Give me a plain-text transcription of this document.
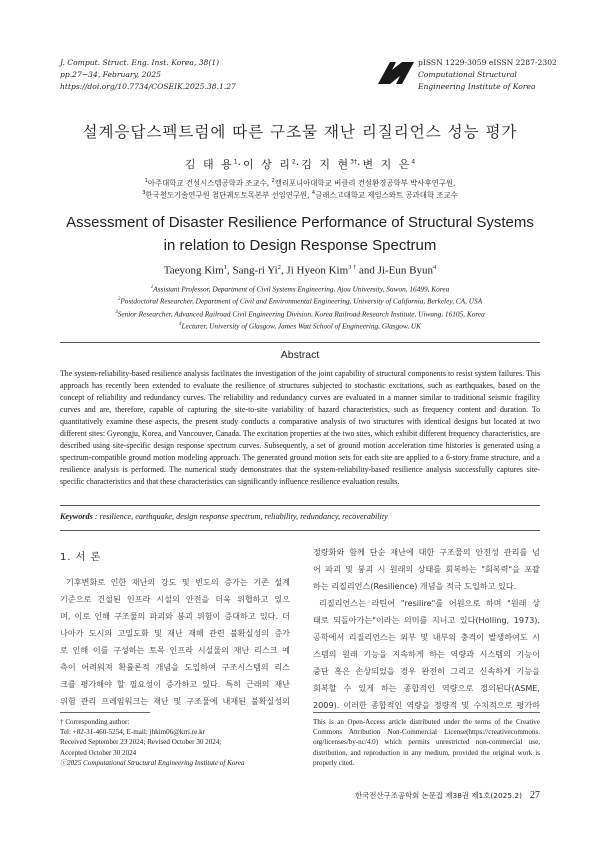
J. Comput. Struct. Eng. Inst. Korea, 38(1)
pp.27~34, February, 2025
https://doi.org/10.7734/COSEIK.2025.38.1.27
pISSN 1229-3059 eISSN 2287-2302
Computational Structural
Engineering Institute of Korea
설계응답스펙트럼에 따른 구조물 재난 리질리언스 성능 평가
김 태 용$^1$·이 상 리$^2$·김 지 현$^{3\dagger}$·변 지 은$^4$
$^1$아주대학교 건설시스템공학과 조교수, $^2$캘리포니아대학교 버클리 건설환경공학부 박사후연구원,
$^3$한국철도기술연구원 첨단궤도토목본부 선임연구원, $^4$글래스고대학교 제임스와트 공과대학 조교수
Assessment of Disaster Resilience Performance of Structural Systems
in relation to Design Response Spectrum
Taeyong Kim$^1$, Sang-ri Yi$^2$, Ji Hyeon Kim$^{3 \dagger}$ and Ji-Eun Byun$^4$
$^1$Assistant Professor, Department of Civil Systems Engineering, Ajou University, Suwon, 16499, Korea
$^2$Postdoctoral Researcher, Department of Civil and Environmental Engineering, University of California, Berkeley, CA, USA
$^3$Senior Researcher, Advanced Railroad Civil Engineering Division, Korea Railroad Research Institute, Uiwang, 16105, Korea
$^4$Lecturer, University of Glasgow, James Watt School of Engineering, Glasgow, UK
Abstract
The system-reliability-based resilience analysis facilitates the investigation of the joint capability of structural components to resist system failures. This approach has recently been extended to evaluate the resilience of structures subjected to stochastic excitations, such as earthquakes, based on the concept of reliability and redundancy curves. The reliability and redundancy curves are evaluated in a manner similar to traditional seismic fragility curves and are, therefore, capable of capturing the site-to-site variability of hazard characteristics, such as frequency content and duration. To quantitatively examine these aspects, the present study conducts a comparative analysis of two structures with identical designs but located at two different sites: Gyeongju, Korea, and Vancouver, Canada. The excitation properties at the two sites, which exhibit different frequency characteristics, are described using site-specific design response spectrum curves. Subsequently, a set of ground motion acceleration time histories is generated using a spectrum-compatible ground motion modeling approach. The generated ground motion sets for each site are applied to a 6-story frame structure, and a resilience analysis is performed. The numerical study demonstrates that the system-reliability-based resilience analysis successfully captures site-specific characteristics and that these characteristics can significantly influence resilience evaluation results.
Keywords : resilience, earthquake, design response spectrum, reliability, redundancy, recoverability
1. 서 론

기후변화로 인한 재난의 강도 및 빈도의 증가는 기존 설계

기준으로 건설된 인프라 시설의 안전을 더욱 위협하고 있으

며, 이로 인해 구조물의 파괴와 붕괴 위험이 증대하고 있다. 더

나아가 도시의 고밀도화 및 재난 재해 관련 불확실성의 증가

로 인해 이를 구성하는 토목 인프라 시설물의 재난 리스크 예

측이 어려워져 확률론적 개념을 도입하여 구조시스템의 리스

크를 평가해야 할 필요성이 증가하고 있다. 특히 근래의 재난

위험 관리 프레임워크는 재난 및 구조물에 내재된 불확실성의

정량화와 함께 단순 재난에 대한 구조물의 안전성 관리를 넘

어 파괴 및 붕괴 시 원래의 상태를 회복하는 "회복력"을 포괄

하는 리질리언스(Resilience) 개념을 적극 도입하고 있다.

리질리언스는 라틴어 "resilire"를 어원으로 하며 "원래 상

태로 되돌아가는"이라는 의미를 지니고 있다(Holling, 1973).

공학에서 리질리언스는 외부 및 내부의 충격이 발생하여도 시

스템의 원래 기능을 지속하게 하는 역량과 시스템의 기능이

중단 혹은 손상되었을 경우 완전히 그리고 신속하게 기능을

회복할 수 있게 하는 종합적인 역량으로 정의된다(ASME,

2009). 이러한 종합적인 역량을 정량적 및 수치적으로 평가하

† Corresponding author:
Tel: +82-31-460-5254; E-mail: jhkim06@krri.re.kr
Received September 23 2024; Revised October 30 2024;
Accepted October 30 2024
ⓒ2025 Computational Structural Engineering Institute of Korea
This is an Open-Access article distributed under the terms of the Creative Commons Attribution Non-Commercial License(https://creativecommons. org/licenses/by-nc/4.0) which permits unrestricted non-commercial use, distribution, and reproduction in any medium, provided the original work is properly cited.
한국전산구조공학회 논문집 제38권 제1호(2025.2) 27
